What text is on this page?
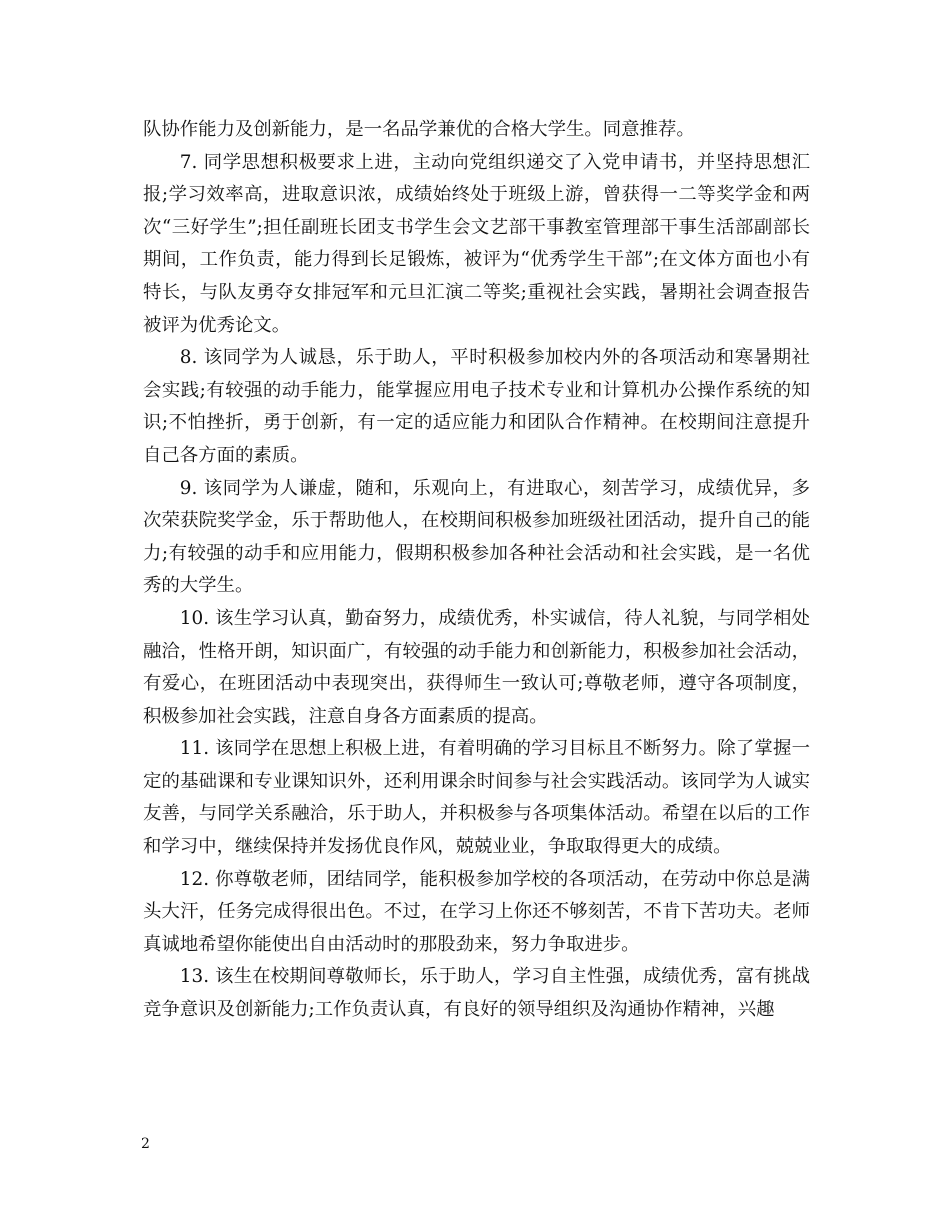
队协作能力及创新能力，是一名品学兼优的合格大学生。同意推荐。

7. 同学思想积极要求上进，主动向党组织递交了入党申请书，并坚持思想汇报;学习效率高，进取意识浓，成绩始终处于班级上游，曾获得一二等奖学金和两次“三好学生”;担任副班长团支书学生会文艺部干事教室管理部干事生活部副部长期间，工作负责，能力得到长足锻炼，被评为“优秀学生干部”;在文体方面也小有特长，与队友勇夺女排冠军和元旦汇演二等奖;重视社会实践，暑期社会调查报告被评为优秀论文。

8. 该同学为人诚恳，乐于助人，平时积极参加校内外的各项活动和寒暑期社会实践;有较强的动手能力，能掌握应用电子技术专业和计算机办公操作系统的知识;不怕挫折，勇于创新，有一定的适应能力和团队合作精神。在校期间注意提升自己各方面的素质。

9. 该同学为人谦虚，随和，乐观向上，有进取心，刻苦学习，成绩优异，多次荣获院奖学金，乐于帮助他人，在校期间积极参加班级社团活动，提升自己的能力;有较强的动手和应用能力，假期积极参加各种社会活动和社会实践，是一名优秀的大学生。

10. 该生学习认真，勤奋努力，成绩优秀，朴实诚信，待人礼貌，与同学相处融洽，性格开朗，知识面广，有较强的动手能力和创新能力，积极参加社会活动，有爱心，在班团活动中表现突出，获得师生一致认可;尊敬老师，遵守各项制度，积极参加社会实践，注意自身各方面素质的提高。

11. 该同学在思想上积极上进，有着明确的学习目标且不断努力。除了掌握一定的基础课和专业课知识外，还利用课余时间参与社会实践活动。该同学为人诚实友善，与同学关系融洽，乐于助人，并积极参与各项集体活动。希望在以后的工作和学习中，继续保持并发扬优良作风，兢兢业业，争取取得更大的成绩。

12. 你尊敬老师，团结同学，能积极参加学校的各项活动，在劳动中你总是满头大汗，任务完成得很出色。不过，在学习上你还不够刻苦，不肯下苦功夫。老师真诚地希望你能使出自由活动时的那股劲来，努力争取进步。

13. 该生在校期间尊敬师长，乐于助人，学习自主性强，成绩优秀，富有挑战竞争意识及创新能力;工作负责认真，有良好的领导组织及沟通协作精神，兴趣

2
